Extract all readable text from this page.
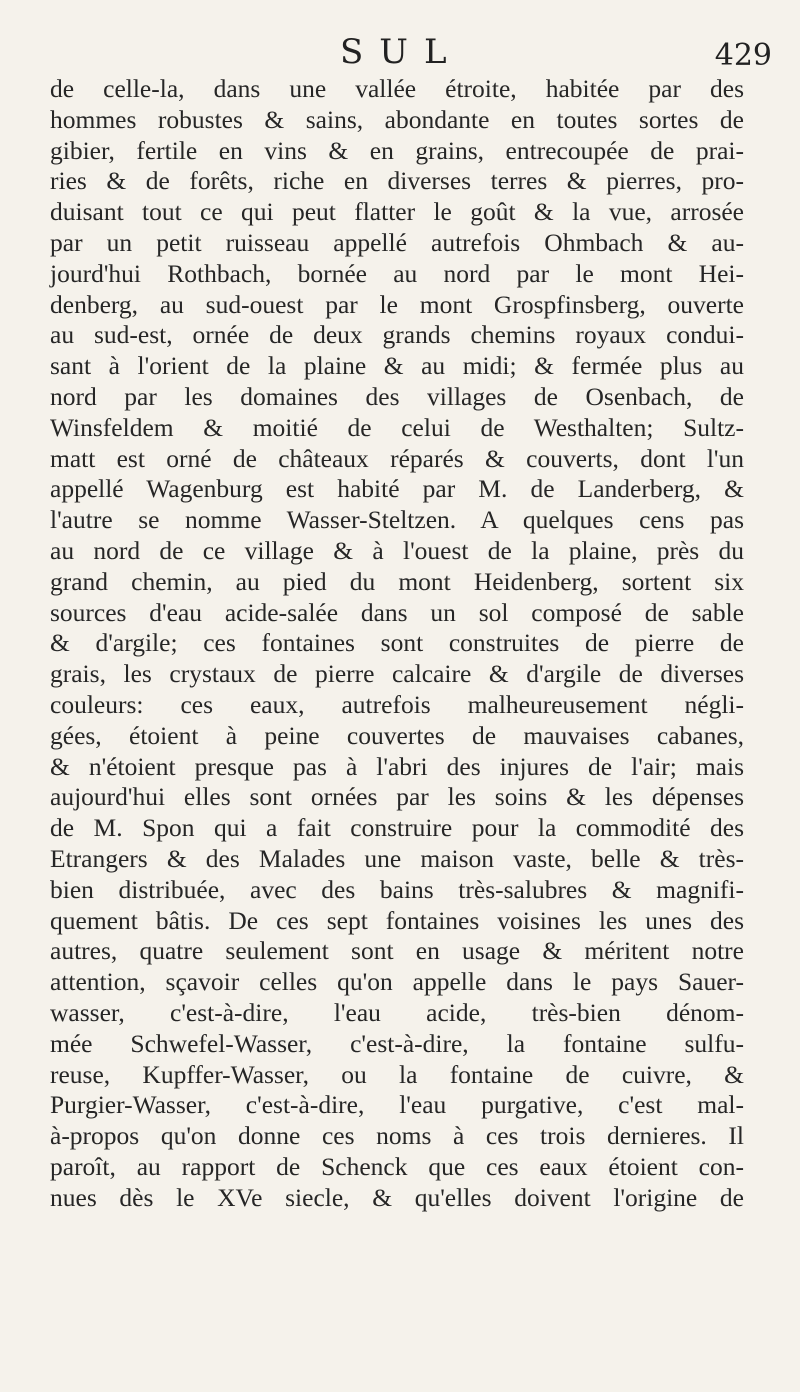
SUL	429
de celle-la, dans une vallée étroite, habitée par des
hommes robustes & sains, abondante en toutes sortes de
gibier, fertile en vins & en grains, entrecoupée de prai-
ries & de forêts, riche en diverses terres & pierres, pro-
duisant tout ce qui peut flatter le goût & la vue, arrosée
par un petit ruisseau appellé autrefois Ohmbach & au-
jourd'hui Rothbach, bornée au nord par le mont Hei-
denberg, au sud-ouest par le mont Grospfinsberg, ouverte
au sud-est, ornée de deux grands chemins royaux condui-
sant à l'orient de la plaine & au midi; & fermée plus au
nord par les domaines des villages de Osenbach, de
Winsfeldem & moitié de celui de Westhalten; Sultz-
matt est orné de châteaux réparés & couverts, dont l'un
appellé Wagenburg est habité par M. de Landerberg, &
l'autre se nomme Wasser-Steltzen. A quelques cens pas
au nord de ce village & à l'ouest de la plaine, près du
grand chemin, au pied du mont Heidenberg, sortent six
sources d'eau acide-salée dans un sol composé de sable
& d'argile; ces fontaines sont construites de pierre de
grais, les crystaux de pierre calcaire & d'argile de diverses
couleurs: ces eaux, autrefois malheureusement négli-
gées, étoient à peine couvertes de mauvaises cabanes,
& n'étoient presque pas à l'abri des injures de l'air; mais
aujourd'hui elles sont ornées par les soins & les dépenses
de M. Spon qui a fait construire pour la commodité des
Etrangers & des Malades une maison vaste, belle & très-
bien distribuée, avec des bains très-salubres & magnifi-
quement bâtis. De ces sept fontaines voisines les unes des
autres, quatre seulement sont en usage & méritent notre
attention, sçavoir celles qu'on appelle dans le pays Sauer-
wasser, c'est-à-dire, l'eau acide, très-bien dénom-
mée Schwefel-Wasser, c'est-à-dire, la fontaine sulfu-
reuse, Kupffer-Wasser, ou la fontaine de cuivre, &
Purgier-Wasser, c'est-à-dire, l'eau purgative, c'est mal-
à-propos qu'on donne ces noms à ces trois dernieres. Il
paroît, au rapport de Schenck que ces eaux étoient con-
nues dès le XVe siecle, & qu'elles doivent l'origine de
